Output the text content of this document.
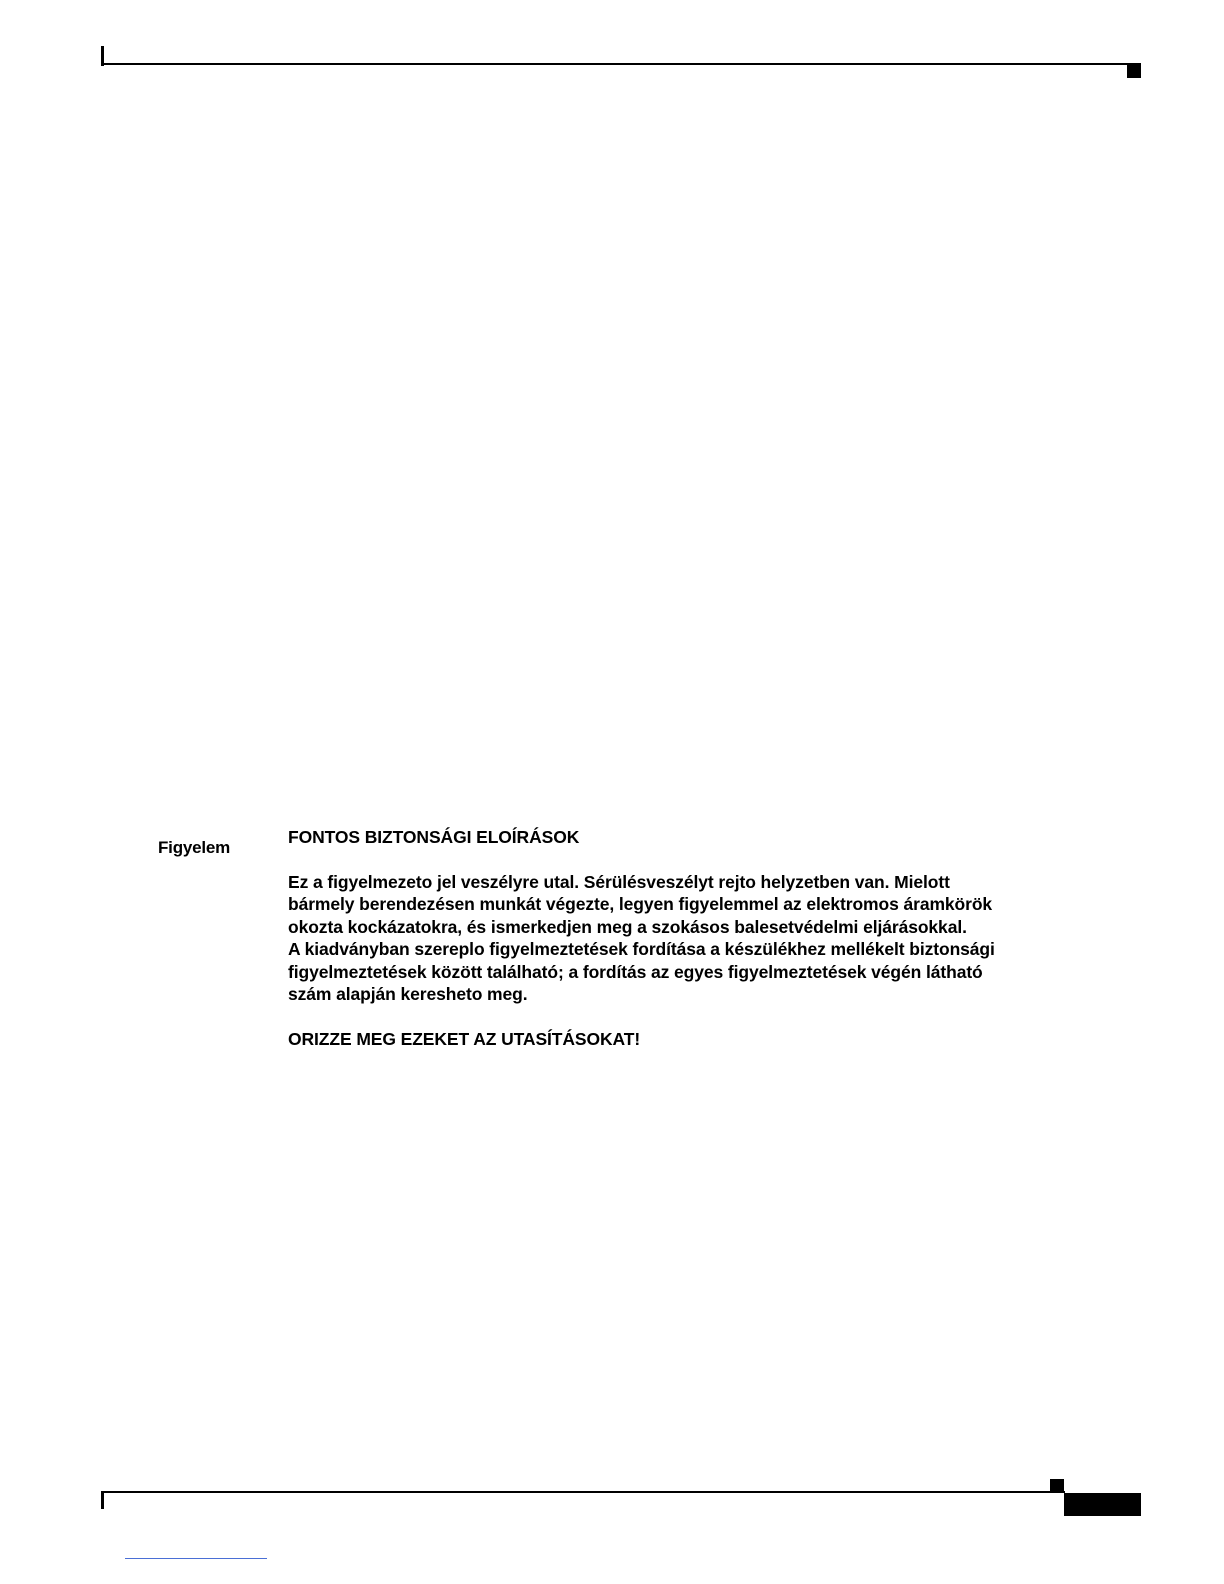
Figyelem
FONTOS BIZTONSÁGI ELOÍRÁSOK
Ez a figyelmezeto jel veszélyre utal. Sérülésveszélyt rejto helyzetben van. Mielott
bármely berendezésen munkát végezte, legyen figyelemmel az elektromos áramkörök
okozta kockázatokra, és ismerkedjen meg a szokásos balesetvédelmi eljárásokkal.
A kiadványban szereplo figyelmeztetések fordítása a készülékhez mellékelt biztonsági
figyelmeztetések között található; a fordítás az egyes figyelmeztetések végén látható
szám alapján keresheto meg.
ORIZZE MEG EZEKET AZ UTASÍTÁSOKAT!
